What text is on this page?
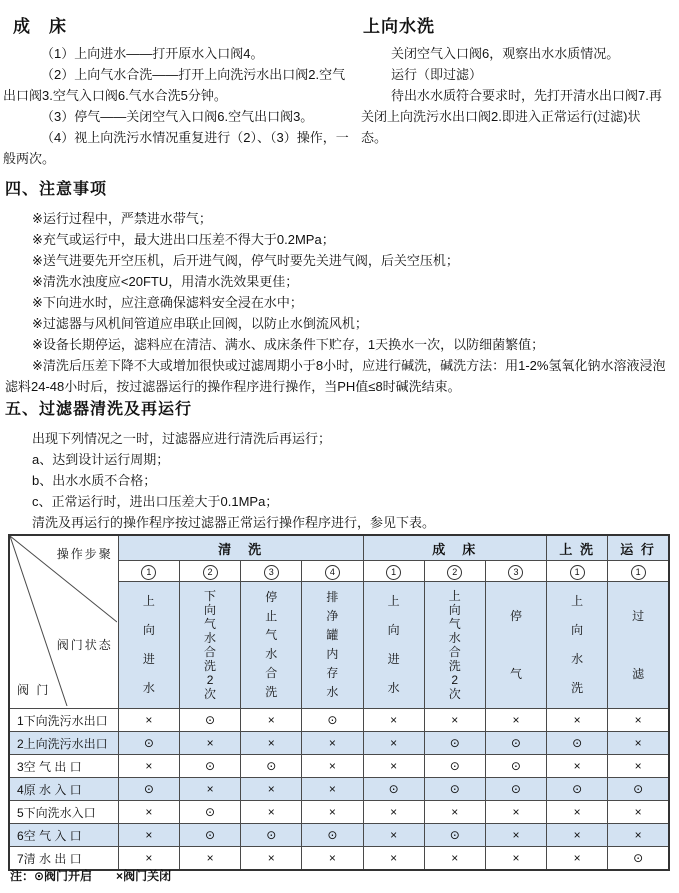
成　床

（1）上向进水——打开原水入口阀4。

（2）上向气水合洗——打开上向洗污水出口阀2.空气出口阀3.空气入口阀6.气水合洗5分钟。

（3）停气——关闭空气入口阀6.空气出口阀3。

（4）视上向洗污水情况重复进行（2）、（3）操作，一般两次。

上向水洗

关闭空气入口阀6，观察出水水质情况。

运行（即过滤）

待出水水质符合要求时，先打开清水出口阀7.再关闭上向洗污水出口阀2.即进入正常运行(过滤)状态。

四、注意事项

※运行过程中，严禁进水带气；

※充气或运行中，最大进出口压差不得大于0.2MPa；

※送气进要先开空压机，后开进气阀，停气时要先关进气阀，后关空压机；

※清洗水浊度应<20FTU，用清水洗效果更佳；

※下向进水时，应注意确保滤料安全浸在水中；

※过滤器与风机间管道应串联止回阀，以防止水倒流风机；

※设备长期停运，滤料应在清洁、满水、成床条件下贮存，1天换水一次，以防细菌繁值；

※清洗后压差下降不大或增加很快或过滤周期小于8小时，应进行碱洗，碱洗方法：用1-2%氢氧化钠水溶液浸泡滤料24-48小时后，按过滤器运行的操作程序进行操作，当PH值≤8时碱洗结束。

五、过滤器清洗及再运行

出现下列情况之一时，过滤器应进行清洗后再运行；

a、达到设计运行周期；

b、出水水质不合格；

c、正常运行时，进出口压差大于0.1MPa；

清洗及再运行的操作程序按过滤器正常运行操作程序进行，参见下表。

操作步聚
阀门状态
阀 门	清　洗				成　床			上 洗	运 行
	1	2	3	4	1	2	3	1	1

	上向进水	下向气水合洗2次	停止气水合洗	排净罐内存水	上向进水	上向气水合洗2次	停气	上向水洗	过滤

1下向洗污水出口	×	⊙	×	⊙	×	×	×	×	×
2上向洗污水出口	⊙	×	×	×	×	⊙	⊙	⊙	×
3空 气 出 口	×	⊙	⊙	×	×	⊙	⊙	×	×
4原 水 入 口	⊙	×	×	×	⊙	⊙	⊙	⊙	⊙
5下向洗水入口	×	⊙	×	×	×	×	×	×	×
6空 气 入 口	×	⊙	⊙	⊙	×	⊙	×	×	×
7清 水 出 口	×	×	×	×	×	×	×	×	⊙
注：⊙阀门开启　　×阀门关闭
